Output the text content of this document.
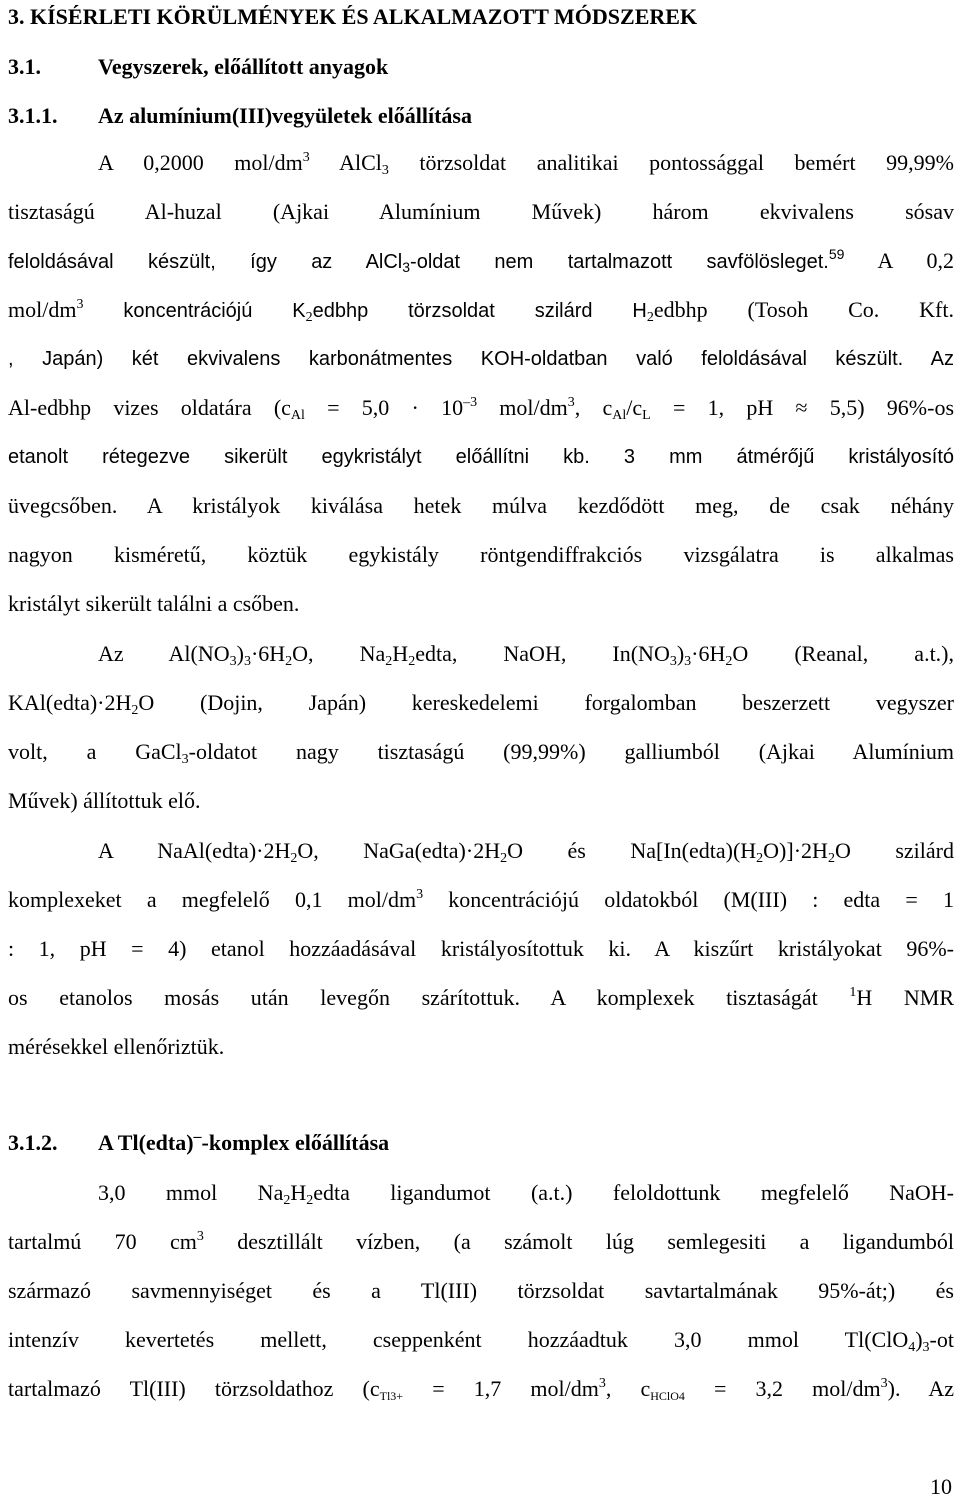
3. KÍSÉRLETI KÖRÜLMÉNYEK ÉS ALKALMAZOTT MÓDSZEREK
3.1.	Vegyszerek, előállított anyagok
3.1.1. Az alumínium(III)vegyületek előállítása
A 0,2000 mol/$dm^3$ AlCl$_3$ törzsoldat analitikai pontossággal bemért 99,99%
tisztaságú Al-huzal (Ajkai Alumínium Művek) három ekvivalens sósav
feloldásával készült, így az AlCl$_3$-oldat nem tartalmazott savfölösleget.$^{59}$ A 0,2
mol/$dm^3$ koncentrációjú $K_2edbhp$ törzsoldat szilárd $H_2edbhp$ (Tosoh Co. Kft.
, Japán) két ekvivalens karbonátmentes KOH-oldatban való feloldásával készült. Az
Al-edbhp vizes oldatára ($c_{Al} = 5,0 \cdot 10^{-3}$ mol/$dm^3$, $c_{Al}/c_L = 1$, pH ≈ 5,5) 96%-os
etanolt rétegezve sikerült egykristályt előállítni kb. 3 mm átmérőjű kristályosító
üvegcsőben. A kristályok kiválása hetek múlva kezdődött meg, de csak néhány
nagyon kisméretű, köztük egykistály röntgendiffrakciós vizsgálatra is alkalmas
kristályt sikerült találni a csőben.
Az $Al(NO_3)_3\cdot 6H_2O$, $Na_2H_2edta$, NaOH, $In(NO_3)_3\cdot 6H_2O$ (Reanal, a.t.),
$KAl(edta)\cdot 2H_2O$ (Dojin, Japán) kereskedelemi forgalomban beszerzett vegyszer
volt, a GaCl$_3$-oldatot nagy tisztaságú (99,99%) galliumból (Ajkai Alumínium
Művek) állítottuk elő.
A $NaAl(edta)\cdot 2H_2O$, $NaGa(edta)\cdot 2H_2O$ és $Na[In(edta)(H_2O)]\cdot 2H_2O$ szilárd
komplexeket a megfelelő 0,1 mol/$dm^3$ koncentrációjú oldatokból (M(III) : edta = 1
: 1, pH = 4) etanol hozzáadásával kristályosítottuk ki. A kiszűrt kristályokat 96%-
os etanolos mosás után levegőn szárítottuk. A komplexek tisztaságát $^1$H NMR
mérésekkel ellenőriztük.
3.1.2. A Tl(edta)–-komplex előállítása
3,0 mmol $Na_2H_2edta$ ligandumot (a.t.) feloldottunk megfelelő NaOH-
tartalmú 70 $cm^3$ desztillált vízben, (a számolt lúg semlegesiti a ligandumból
származó savmennyiséget és a Tl(III) törzsoldat savtartalmának 95%-át;) és
intenzív kevertetés mellett, cseppenként hozzáadtuk 3,0 mmol $Tl(ClO_4)_3-ot$
tartalmazó Tl(III) törzsoldathoz ($c_{Tl3+} = 1,7$ mol/$dm^3$, $c_{HClO4} = 3,2$ mol/$dm^3$). Az
10
